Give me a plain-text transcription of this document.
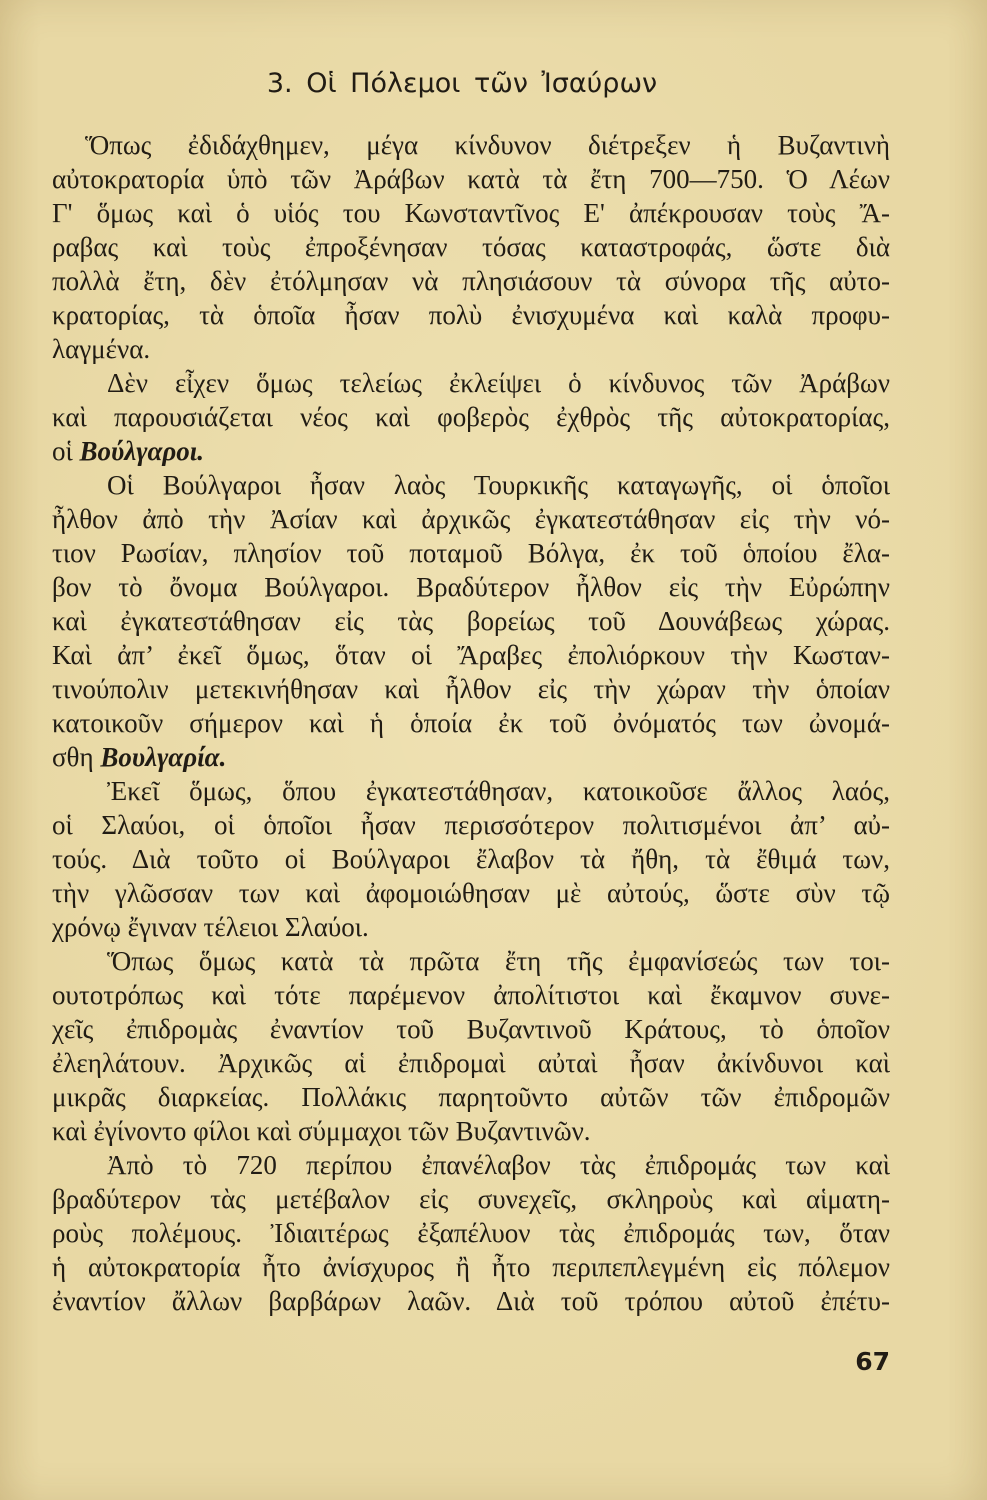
3. Οἱ Πόλεμοι τῶν Ἰσαύρων
Ὅπως ἐδιδάχθημεν, μέγα κίνδυνον διέτρεξεν ἡ Βυζαντινὴ
αὐτοκρατορία ὑπὸ τῶν Ἀράβων κατὰ τὰ ἔτη 700—750. Ὁ Λέων
Γ' ὅμως καὶ ὁ υἱός του Κωνσταντῖνος Ε' ἀπέκρουσαν τοὺς Ἄ-
ραβας καὶ τοὺς ἐπροξένησαν τόσας καταστροφάς, ὥστε διὰ
πολλὰ ἔτη, δὲν ἐτόλμησαν νὰ πλησιάσουν τὰ σύνορα τῆς αὐτο-
κρατορίας, τὰ ὁποῖα ἦσαν πολὺ ἐνισχυμένα καὶ καλὰ προφυ-
λαγμένα.
Δὲν εἶχεν ὅμως τελείως ἐκλείψει ὁ κίνδυνος τῶν Ἀράβων
καὶ παρουσιάζεται νέος καὶ φοβερὸς ἐχθρὸς τῆς αὐτοκρατορίας,
οἱ Βούλγαροι.
Οἱ Βούλγαροι ἦσαν λαὸς Τουρκικῆς καταγωγῆς, οἱ ὁποῖοι
ἦλθον ἀπὸ τὴν Ἀσίαν καὶ ἀρχικῶς ἐγκατεστάθησαν εἰς τὴν νό-
τιον Ρωσίαν, πλησίον τοῦ ποταμοῦ Βόλγα, ἐκ τοῦ ὁποίου ἔλα-
βον τὸ ὄνομα Βούλγαροι. Βραδύτερον ἦλθον εἰς τὴν Εὐρώπην
καὶ ἐγκατεστάθησαν εἰς τὰς βορείως τοῦ Δουνάβεως χώρας.
Καὶ ἀπ’ ἐκεῖ ὅμως, ὅταν οἱ Ἄραβες ἐπολιόρκουν τὴν Κωσταν-
τινούπολιν μετεκινήθησαν καὶ ἦλθον εἰς τὴν χώραν τὴν ὁποίαν
κατοικοῦν σήμερον καὶ ἡ ὁποία ἐκ τοῦ ὀνόματός των ὠνομά-
σθη Βουλγαρία.
Ἐκεῖ ὅμως, ὅπου ἐγκατεστάθησαν, κατοικοῦσε ἄλλος λαός,
οἱ Σλαύοι, οἱ ὁποῖοι ἦσαν περισσότερον πολιτισμένοι ἀπ’ αὐ-
τούς. Διὰ τοῦτο οἱ Βούλγαροι ἔλαβον τὰ ἤθη, τὰ ἔθιμά των,
τὴν γλῶσσαν των καὶ ἀφομοιώθησαν μὲ αὐτούς, ὥστε σὺν τῷ
χρόνῳ ἔγιναν τέλειοι Σλαύοι.
Ὅπως ὅμως κατὰ τὰ πρῶτα ἔτη τῆς ἐμφανίσεώς των τοι-
ουτοτρόπως καὶ τότε παρέμενον ἀπολίτιστοι καὶ ἔκαμνον συνε-
χεῖς ἐπιδρομὰς ἐναντίον τοῦ Βυζαντινοῦ Κράτους, τὸ ὁποῖον
ἐλεηλάτουν. Ἀρχικῶς αἱ ἐπιδρομαὶ αὐταὶ ἦσαν ἀκίνδυνοι καὶ
μικρᾶς διαρκείας. Πολλάκις παρητοῦντο αὐτῶν τῶν ἐπιδρομῶν
καὶ ἐγίνοντο φίλοι καὶ σύμμαχοι τῶν Βυζαντινῶν.
Ἀπὸ τὸ 720 περίπου ἐπανέλαβον τὰς ἐπιδρομάς των καὶ
βραδύτερον τὰς μετέβαλον εἰς συνεχεῖς, σκληροὺς καὶ αἱματη-
ροὺς πολέμους. Ἰδιαιτέρως ἐξαπέλυον τὰς ἐπιδρομάς των, ὅταν
ἡ αὐτοκρατορία ἦτο ἀνίσχυρος ἢ ἦτο περιπεπλεγμένη εἰς πόλεμον
ἐναντίον ἄλλων βαρβάρων λαῶν. Διὰ τοῦ τρόπου αὐτοῦ ἐπέτυ-
67
